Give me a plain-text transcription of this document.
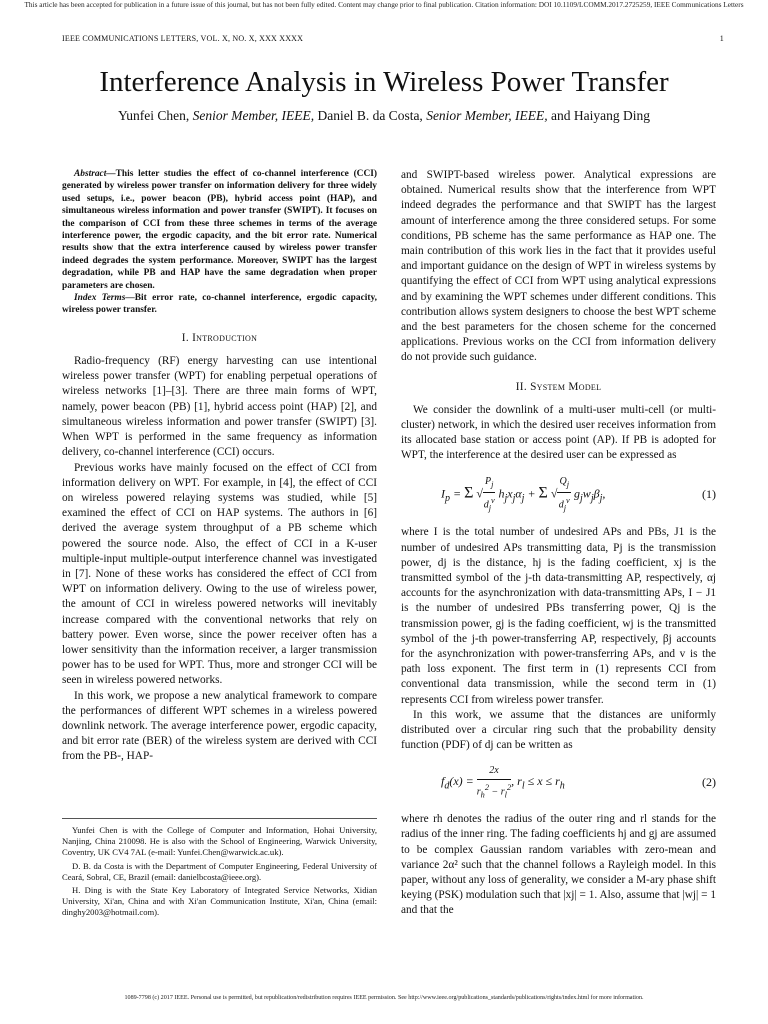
This article has been accepted for publication in a future issue of this journal, but has not been fully edited. Content may change prior to final publication. Citation information: DOI 10.1109/LCOMM.2017.2725259, IEEE Communications Letters
IEEE COMMUNICATIONS LETTERS, VOL. X, NO. X, XXX XXXX	1
Interference Analysis in Wireless Power Transfer
Yunfei Chen, Senior Member, IEEE, Daniel B. da Costa, Senior Member, IEEE, and Haiyang Ding

Abstract—This letter studies the effect of co-channel interference (CCI) generated by wireless power transfer on information delivery for three widely used setups, i.e., power beacon (PB), hybrid access point (HAP), and simultaneous wireless information and power transfer (SWIPT). It focuses on the comparison of CCI from these three schemes in terms of the average interference power, the ergodic capacity, and the bit error rate. Numerical results show that the extra interference caused by wireless power transfer indeed degrades the system performance. Moreover, SWIPT has the largest degradation, while PB and HAP have the same degradation when proper parameters are chosen.

Index Terms—Bit error rate, co-channel interference, ergodic capacity, wireless power transfer.

I. Introduction

Radio-frequency (RF) energy harvesting can use intentional wireless power transfer (WPT) for enabling perpetual operations of wireless networks [1]–[3]. There are three main forms of WPT, namely, power beacon (PB) [1], hybrid access point (HAP) [2], and simultaneous wireless information and power transfer (SWIPT) [3]. When WPT is performed in the same frequency as information delivery, co-channel interference (CCI) occurs.

Previous works have mainly focused on the effect of CCI from information delivery on WPT. For example, in [4], the effect of CCI on wireless powered relaying systems was studied, while [5] examined the effect of CCI on HAP systems. The authors in [6] derived the average system throughput of a PB scheme which powered the source node. Also, the effect of CCI in a K-user multiple-input multiple-output interference channel was investigated in [7]. None of these works has considered the effect of CCI from WPT on information delivery. Owing to the use of wireless power, the amount of CCI in wireless powered networks will inevitably increase compared with the conventional networks that rely on battery power. Even worse, since the power receiver often has a lower sensitivity than the information receiver, a larger transmission power has to be used for WPT. Thus, more and stronger CCI will be seen in wireless powered networks.

In this work, we propose a new analytical framework to compare the performances of different WPT schemes in a wireless powered downlink network. The average interference power, ergodic capacity, and bit error rate (BER) of the wireless system are derived with CCI from the PB-, HAP-

Yunfei Chen is with the College of Computer and Information, Hohai University, Nanjing, China 210098. He is also with the School of Engineering, Warwick University, Coventry, UK CV4 7AL (e-mail: Yunfei.Chen@warwick.ac.uk).

D. B. da Costa is with the Department of Computer Engineering, Federal University of Ceará, Sobral, CE, Brazil (email: danielbcosta@ieee.org).

H. Ding is with the State Key Laboratory of Integrated Service Networks, Xidian University, Xi'an, China and with Xi'an Communication Institute, Xi'an, China (email: dinghy2003@hotmail.com).

and SWIPT-based wireless power. Analytical expressions are obtained. Numerical results show that the interference from WPT indeed degrades the performance and that SWIPT has the largest amount of interference among the three considered setups. For some conditions, PB scheme has the same performance as HAP one. The main contribution of this work lies in the fact that it provides useful and important guidance on the design of WPT in wireless systems by quantifying the effect of CCI from WPT using analytical expressions and by examining the WPT schemes under different conditions. This contribution allows system designers to choose the best WPT scheme and the best parameters for the chosen scheme for the concerned applications. Previous works on the CCI from information delivery do not provide such guidance.

II. System Model

We consider the downlink of a multi-user multi-cell (or multi-cluster) network, in which the desired user receives information from its allocated base station or access point (AP). If PB is adopted for WPT, the interference at the desired user can be expressed as

$I_p = \Sigma$ √ $\frac{P_j}{d_j^v} h_jx_j\alpha_j + \Sigma$ √ $\frac{Q_j}{d_j^v} g_jw_j\beta_j$,	(1)

where I is the total number of undesired APs and PBs, J1 is the number of undesired APs transmitting data, Pj is the transmission power, dj is the distance, hj is the fading coefficient, xj is the transmitted symbol of the j-th data-transmitting AP, respectively, αj accounts for the asynchronization with data-transmitting APs, I − J1 is the number of undesired PBs transferring power, Qj is the transmission power, gj is the fading coefficient, wj is the transmitted symbol of the j-th power-transferring AP, respectively, βj accounts for the asynchronization with power-transferring APs, and v is the path loss exponent. The first term in (1) represents CCI from conventional data transmission, while the second term in (1) represents CCI from wireless power transfer.

In this work, we assume that the distances are uniformly distributed over a circular ring such that the probability density function (PDF) of dj can be written as

$f_d(x) = \frac{2x}{r_h^2 - r_l^2}$ , $r_l \le x \le r_h$	(2)

where rh denotes the radius of the outer ring and rl stands for the radius of the inner ring. The fading coefficients hj and gj are assumed to be complex Gaussian random variables with zero-mean and variance 2α² such that the channel follows a Rayleigh model. In this paper, without any loss of generality, we consider a M-ary phase shift keying (PSK) modulation such that |xj| = 1. Also, assume that |wj| = 1 and that the

1089-7798 (c) 2017 IEEE. Personal use is permitted, but republication/redistribution requires IEEE permission. See http://www.ieee.org/publications_standards/publications/rights/index.html for more information.
